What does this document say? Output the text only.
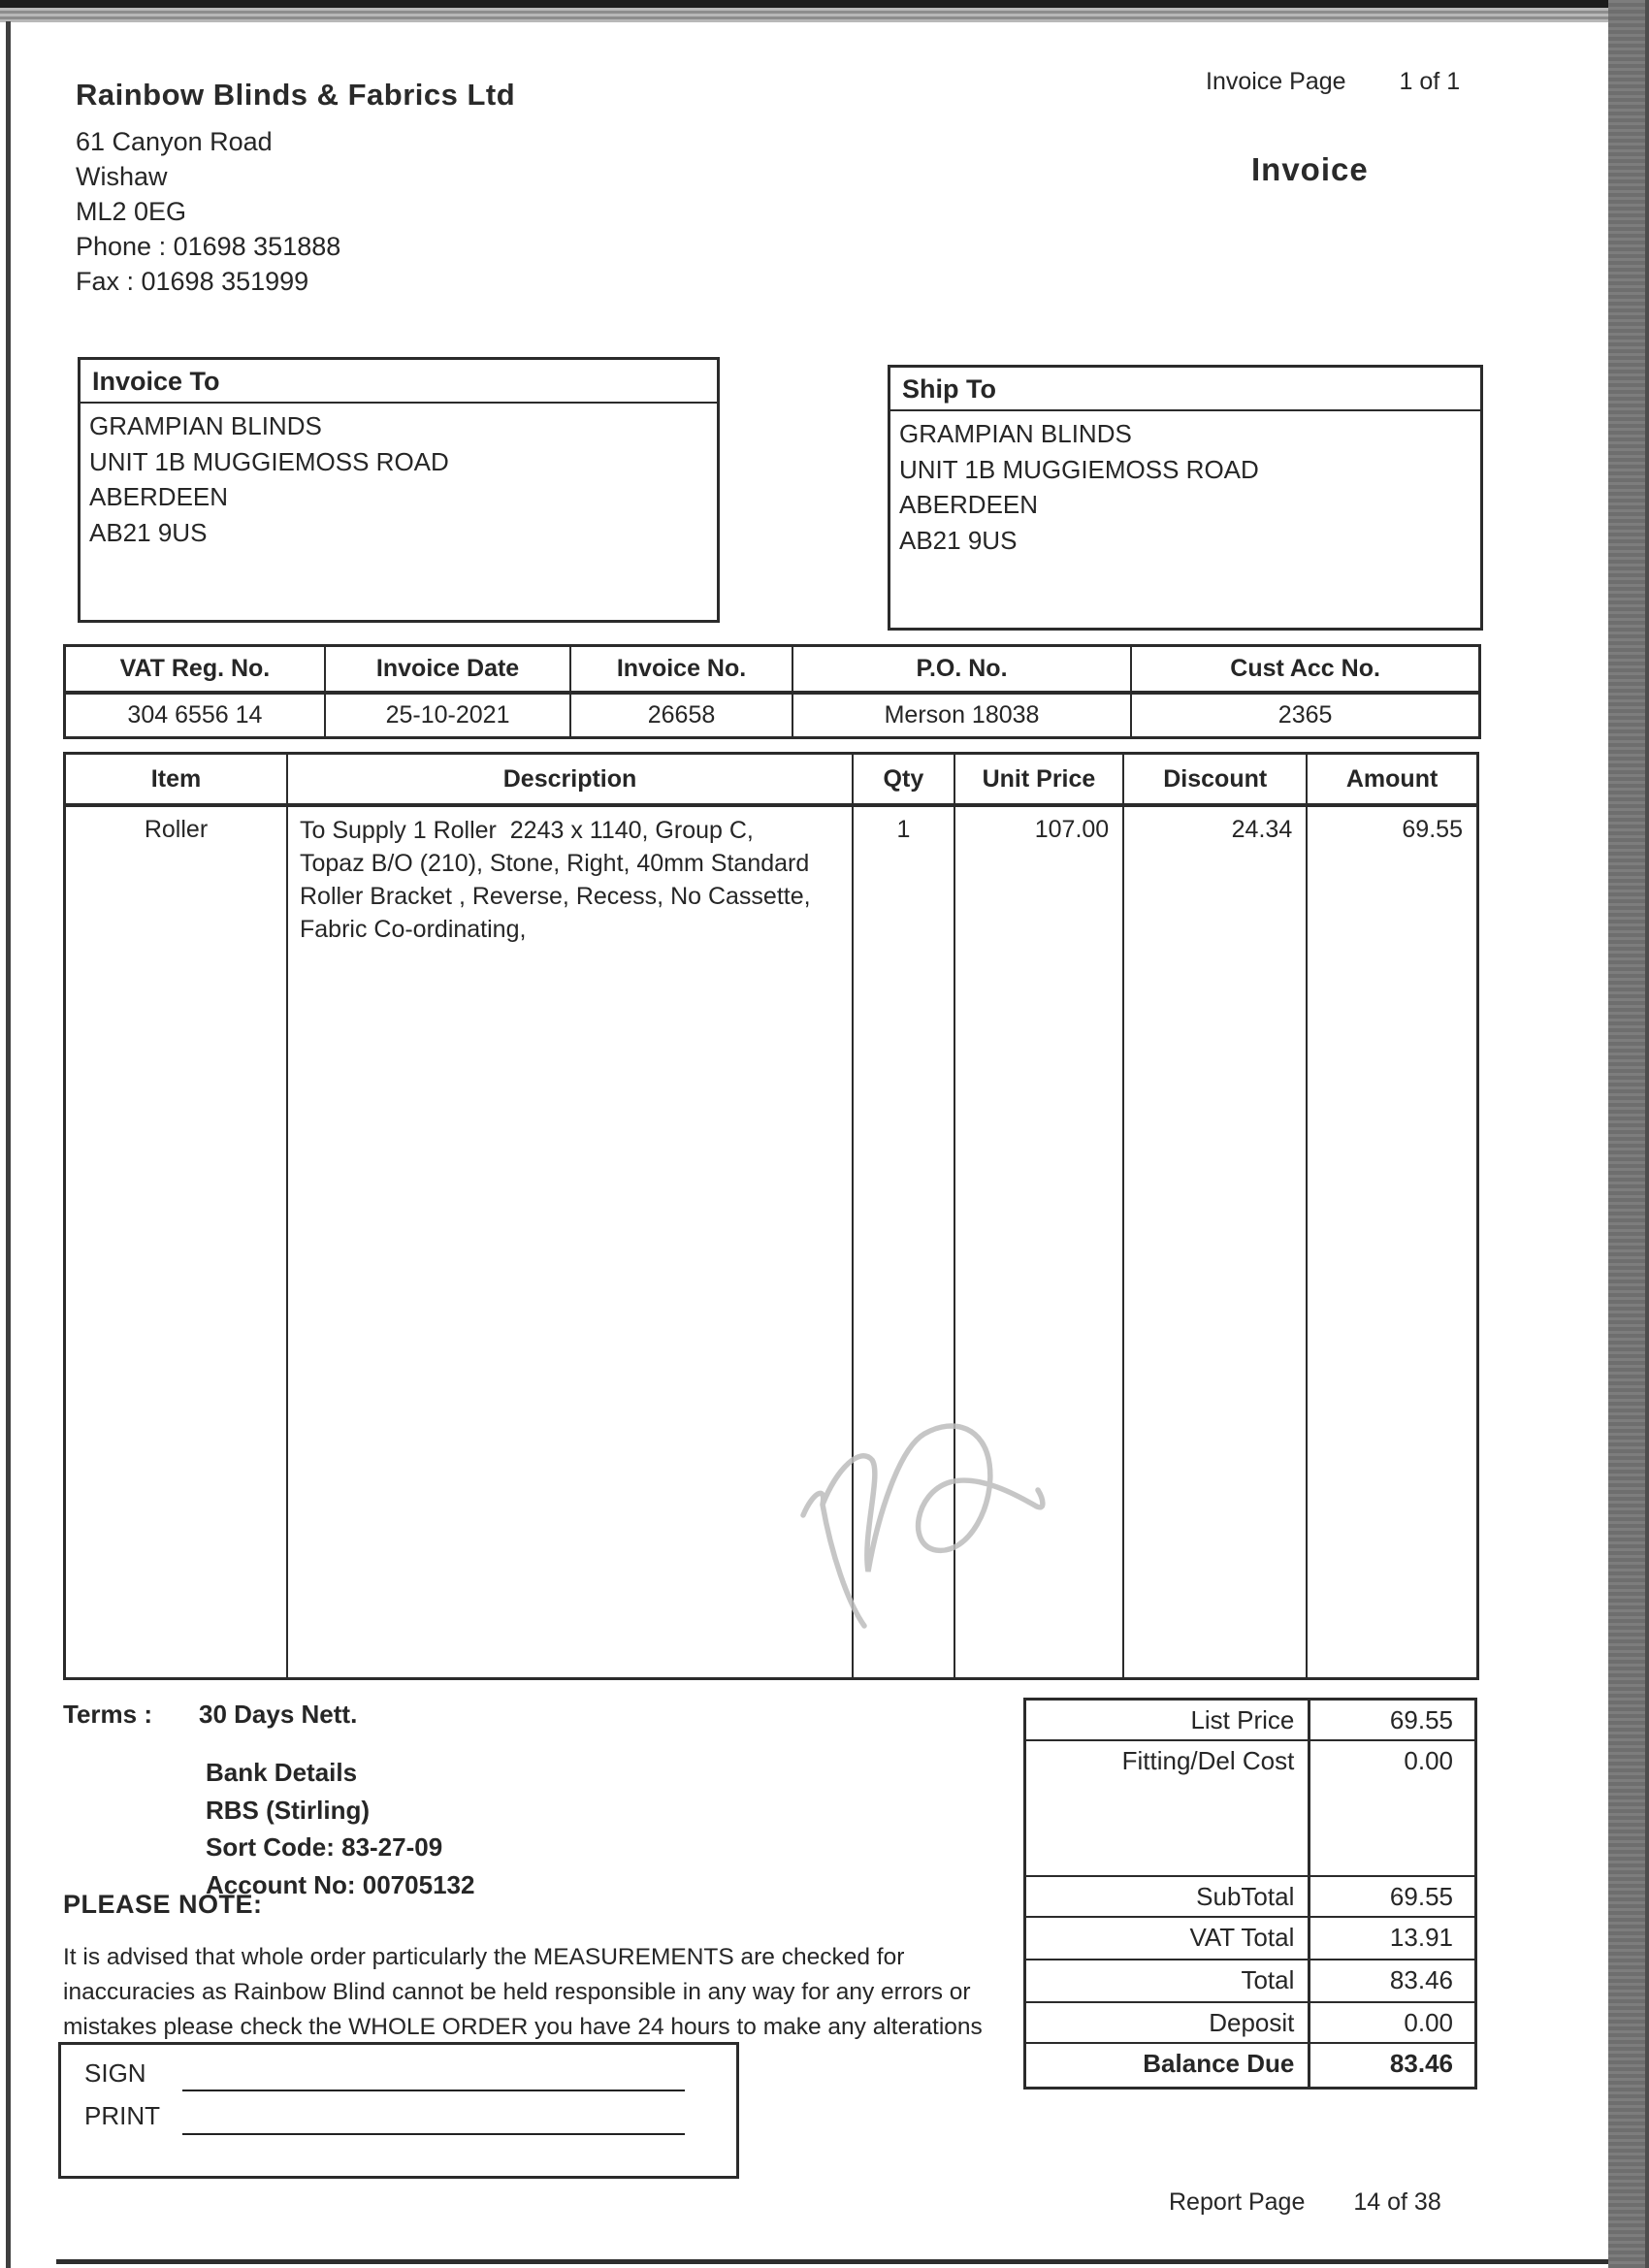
Rainbow Blinds & Fabrics Ltd
61 Canyon Road
Wishaw
ML2 0EG
Phone : 01698 351888
Fax : 01698 351999
Invoice Page 1 of 1
Invoice
Invoice To
GRAMPIAN BLINDS
UNIT 1B MUGGIEMOSS ROAD
ABERDEEN
AB21 9US
Ship To
GRAMPIAN BLINDS
UNIT 1B MUGGIEMOSS ROAD
ABERDEEN
AB21 9US
VAT Reg. No.	Invoice Date	Invoice No.	P.O. No.	Cust Acc No.
304 6556 14	25-10-2021	26658	Merson 18038	2365
Item	Description	Qty	Unit Price	Discount	Amount
Roller	To Supply 1 Roller  2243 x 1140, Group C,
Topaz B/O (210), Stone, Right, 40mm Standard
Roller Bracket , Reverse, Recess, No Cassette,
Fabric Co-ordinating,
1	107.00	24.34	69.55
Terms : 30 Days Nett.
Bank Details
RBS (Stirling)
Sort Code: 83-27-09
Account No: 00705132
PLEASE NOTE:
It is advised that whole order particularly the MEASUREMENTS are checked for inaccuracies as Rainbow Blind cannot be held responsible in any way for any errors or mistakes please check the WHOLE ORDER you have 24 hours to make any alterations
List Price	69.55
Fitting/Del Cost	0.00
SubTotal	69.55
VAT Total	13.91
Total	83.46
Deposit	0.00
Balance Due	83.46
SIGN
PRINT
Report Page 14 of 38
